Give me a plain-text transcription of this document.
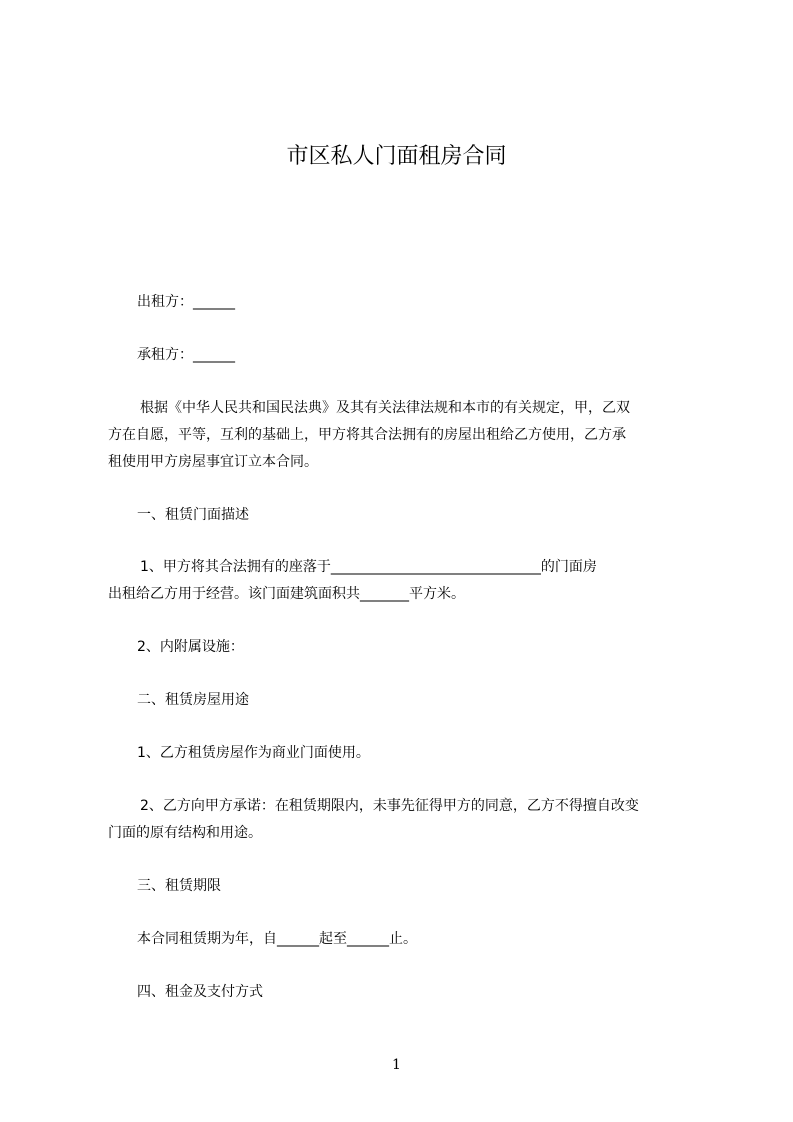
市区私人门面租房合同
出租方：______
承租方：______
根据《中华人民共和国民法典》及其有关法律法规和本市的有关规定，甲，乙双
方在自愿，平等，互利的基础上，甲方将其合法拥有的房屋出租给乙方使用，乙方承
租使用甲方房屋事宜订立本合同。
一、租赁门面描述
1、甲方将其合法拥有的座落于______________________________的门面房
出租给乙方用于经营。该门面建筑面积共_______平方米。
2、内附属设施：
二、租赁房屋用途
1、乙方租赁房屋作为商业门面使用。
2、乙方向甲方承诺：在租赁期限内，未事先征得甲方的同意，乙方不得擅自改变
门面的原有结构和用途。
三、租赁期限
本合同租赁期为年，自______起至______止。
四、租金及支付方式
1
